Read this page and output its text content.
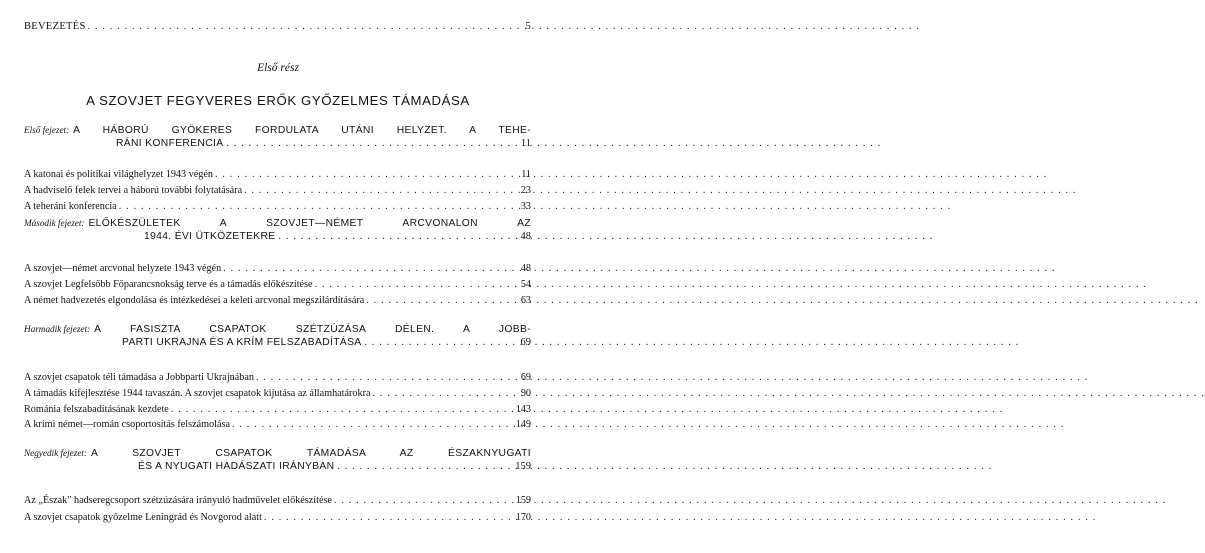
BEVEZETÉS . . .	5
Első rész
A SZOVJET FEGYVERES ERŐK GYŐZELMES TÁMADÁSA
Első fejezet: A HÁBORÚ GYÖKERES FORDULATA UTÁNI HELYZET. A TEHE-
RÁNI KONFERENCIA . . .	11
A katonai és politikai világhelyzet 1943 végén . . .	11
A hadviselő felek tervei a háború további folytatására . . .	23
A teheráni konferencia . . .	33
Második fejezet: ELŐKÉSZÜLETEK A SZOVJET—NÉMET ARCVONALON AZ
1944. ÉVI ÜTKÖZETEKRE . . .	48
A szovjet—német arcvonal helyzete 1943 végén . . .	48
A szovjet Legfelsőbb Főparancsnokság terve és a támadás előkészítése . . .	54
A német hadvezetés elgondolása és intézkedései a keleti arcvonal megszilárdítására . . .	63
Harmadik fejezet: A FASISZTA CSAPATOK SZÉTZÚZÁSA DÉLEN. A JOBB-
PARTI UKRAJNA ÉS A KRÍM FELSZABADÍTÁSA . . .	69
A szovjet csapatok téli támadása a Jobbparti Ukrajnában . . .	69
A támadás kifejlesztése 1944 tavaszán. A szovjet csapatok kijutása az államhatárokra . . .	90
Románia felszabadításának kezdete . . .	143
A krími német—román csoportosítás felszámolása . . .	149
Negyedik fejezet: A SZOVJET CSAPATOK TÁMADÁSA AZ ÉSZAKNYUGATI
ÉS A NYUGATI HADÁSZATI IRÁNYBAN . . .	159
Az „Észak" hadseregcsoport szétzúzására irányuló hadművelet előkészítése . . .	159
A szovjet csapatok győzelme Leningrád és Novgorod alatt . . .	170
